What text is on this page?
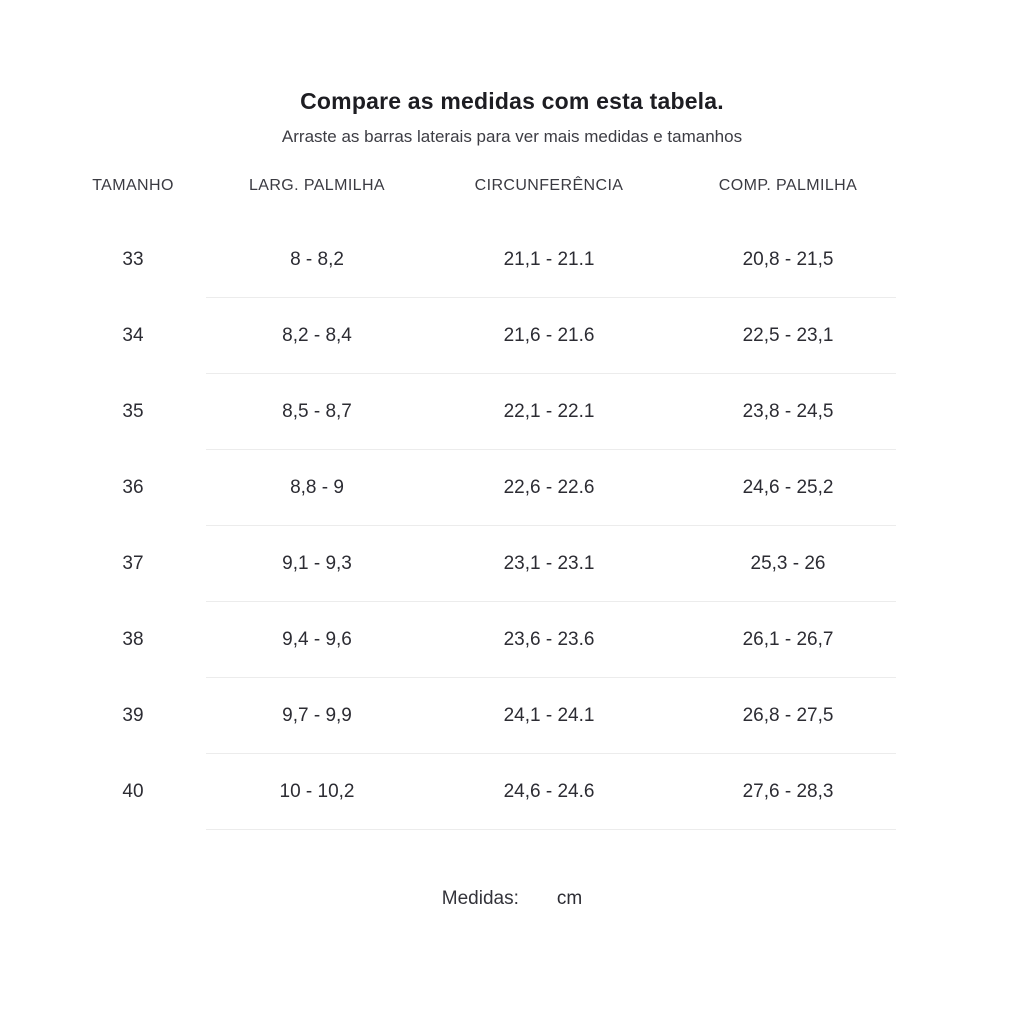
Compare as medidas com esta tabela.
Arraste as barras laterais para ver mais medidas e tamanhos
TAMANHO	LARG. PALMILHA	CIRCUNFERÊNCIA	COMP. PALMILHA
33	8 - 8,2	21,1 - 21.1	20,8 - 21,5
34	8,2 - 8,4	21,6 - 21.6	22,5 - 23,1
35	8,5 - 8,7	22,1 - 22.1	23,8 - 24,5
36	8,8 - 9	22,6 - 22.6	24,6 - 25,2
37	9,1 - 9,3	23,1 - 23.1	25,3 - 26
38	9,4 - 9,6	23,6 - 23.6	26,1 - 26,7
39	9,7 - 9,9	24,1 - 24.1	26,8 - 27,5
40	10 - 10,2	24,6 - 24.6	27,6 - 28,3
Medidas: cm
